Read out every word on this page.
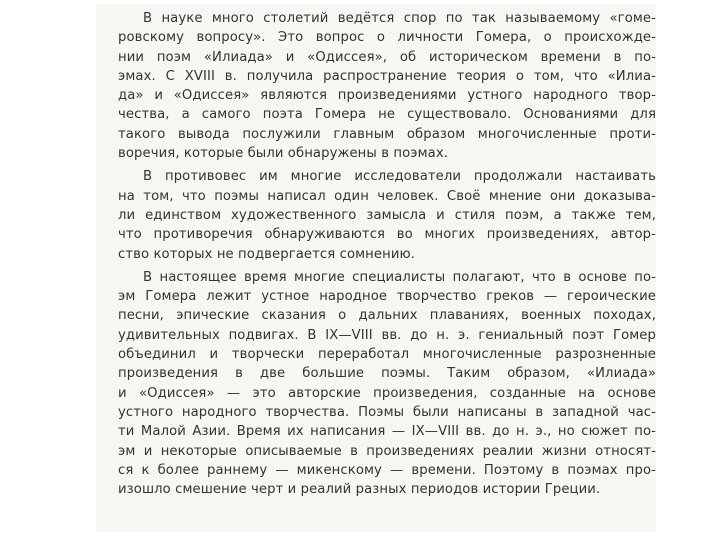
В науке много столетий ведётся спор по так называемому «гоме-
ровскому вопросу». Это вопрос о личности Гомера, о происхожде-
нии поэм «Илиада» и «Одиссея», об историческом времени в по-
эмах. С XVIII в. получила распространение теория о том, что «Илиа-
да» и «Одиссея» являются произведениями устного народного твор-
чества, а самого поэта Гомера не существовало. Основаниями для
такого вывода послужили главным образом многочисленные проти-
воречия, которые были обнаружены в поэмах.
В противовес им многие исследователи продолжали настаивать
на том, что поэмы написал один человек. Своё мнение они доказыва-
ли единством художественного замысла и стиля поэм, а также тем,
что противоречия обнаруживаются во многих произведениях, автор-
ство которых не подвергается сомнению.
В настоящее время многие специалисты полагают, что в основе по-
эм Гомера лежит устное народное творчество греков — героические
песни, эпические сказания о дальних плаваниях, военных походах,
удивительных подвигах. В IX—VIII вв. до н. э. гениальный поэт Гомер
объединил и творчески переработал многочисленные разрозненные
произведения в две большие поэмы. Таким образом, «Илиада»
и «Одиссея» — это авторские произведения, созданные на основе
устного народного творчества. Поэмы были написаны в западной час-
ти Малой Азии. Время их написания — IX—VIII вв. до н. э., но сюжет по-
эм и некоторые описываемые в произведениях реалии жизни относят-
ся к более раннему — микенскому — времени. Поэтому в поэмах про-
изошло смешение черт и реалий разных периодов истории Греции.
